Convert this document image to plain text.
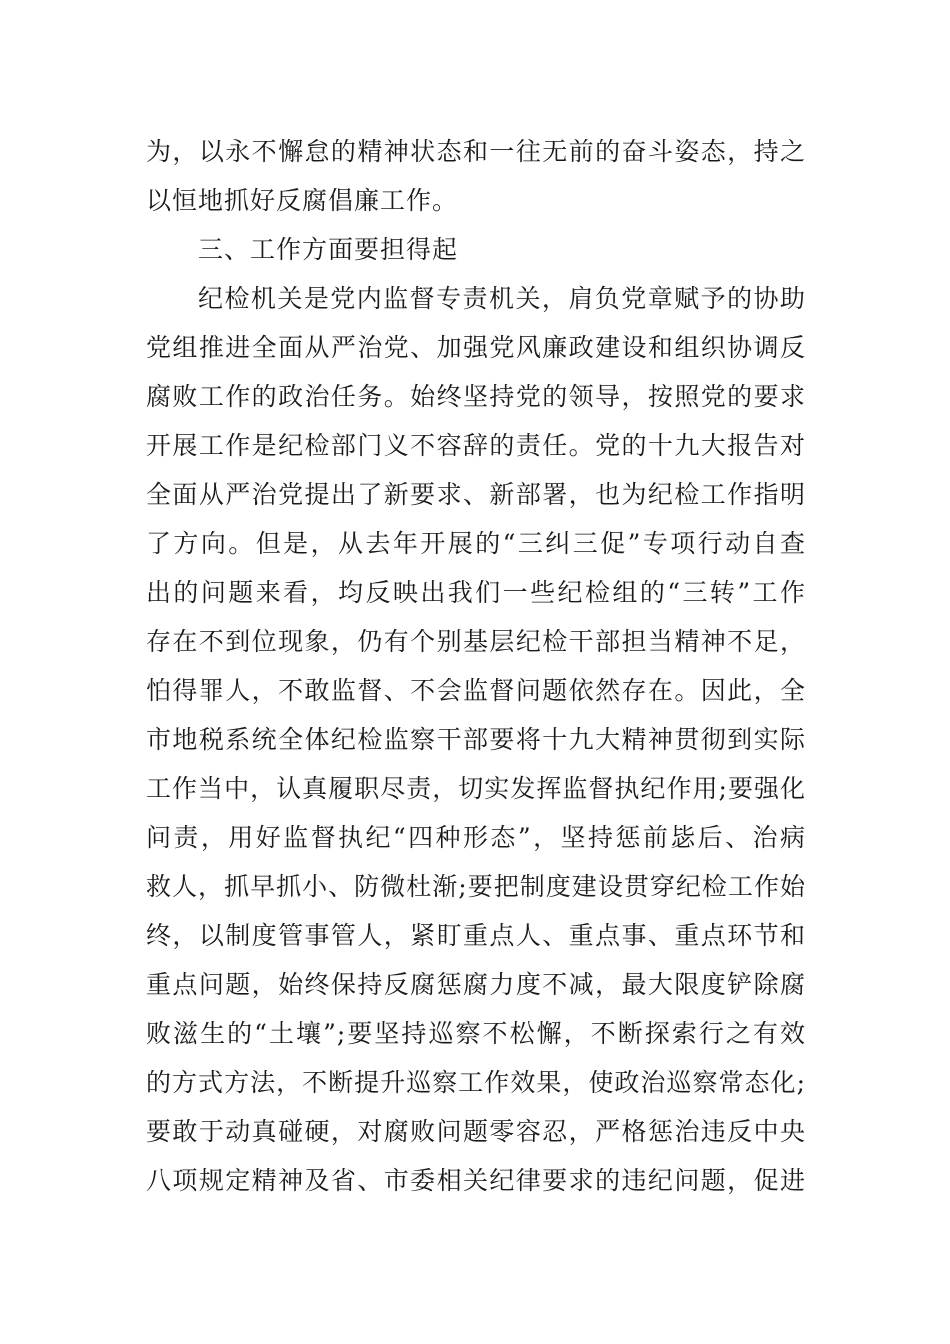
为，以永不懈怠的精神状态和一往无前的奋斗姿态，持之
以恒地抓好反腐倡廉工作。
三、工作方面要担得起
纪检机关是党内监督专责机关，肩负党章赋予的协助
党组推进全面从严治党、加强党风廉政建设和组织协调反
腐败工作的政治任务。始终坚持党的领导，按照党的要求
开展工作是纪检部门义不容辞的责任。党的十九大报告对
全面从严治党提出了新要求、新部署，也为纪检工作指明
了方向。但是，从去年开展的“三纠三促”专项行动自查
出的问题来看，均反映出我们一些纪检组的“三转”工作
存在不到位现象，仍有个别基层纪检干部担当精神不足，
怕得罪人，不敢监督、不会监督问题依然存在。因此，全
市地税系统全体纪检监察干部要将十九大精神贯彻到实际
工作当中，认真履职尽责，切实发挥监督执纪作用;要强化
问责，用好监督执纪“四种形态”，坚持惩前毖后、治病
救人，抓早抓小、防微杜渐;要把制度建设贯穿纪检工作始
终，以制度管事管人，紧盯重点人、重点事、重点环节和
重点问题，始终保持反腐惩腐力度不减，最大限度铲除腐
败滋生的“土壤”;要坚持巡察不松懈，不断探索行之有效
的方式方法，不断提升巡察工作效果，使政治巡察常态化;
要敢于动真碰硬，对腐败问题零容忍，严格惩治违反中央
八项规定精神及省、市委相关纪律要求的违纪问题，促进
